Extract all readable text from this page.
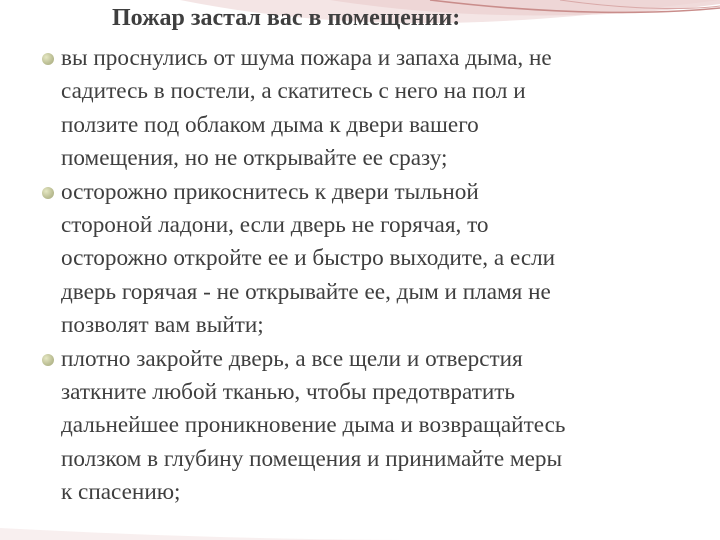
Пожар застал вас в помещении:
вы проснулись от шума пожара и запаха дыма, не
садитесь в постели, а скатитесь с него на пол и
ползите под облаком дыма к двери вашего
помещения, но не открывайте ее сразу;
осторожно прикоснитесь к двери тыльной
стороной ладони, если дверь не горячая, то
осторожно откройте ее и быстро выходите, а если
дверь горячая - не открывайте ее, дым и пламя не
позволят вам выйти;
плотно закройте дверь, а все щели и отверстия
заткните любой тканью, чтобы предотвратить
дальнейшее проникновение дыма и возвращайтесь
ползком в глубину помещения и принимайте меры
к спасению;
